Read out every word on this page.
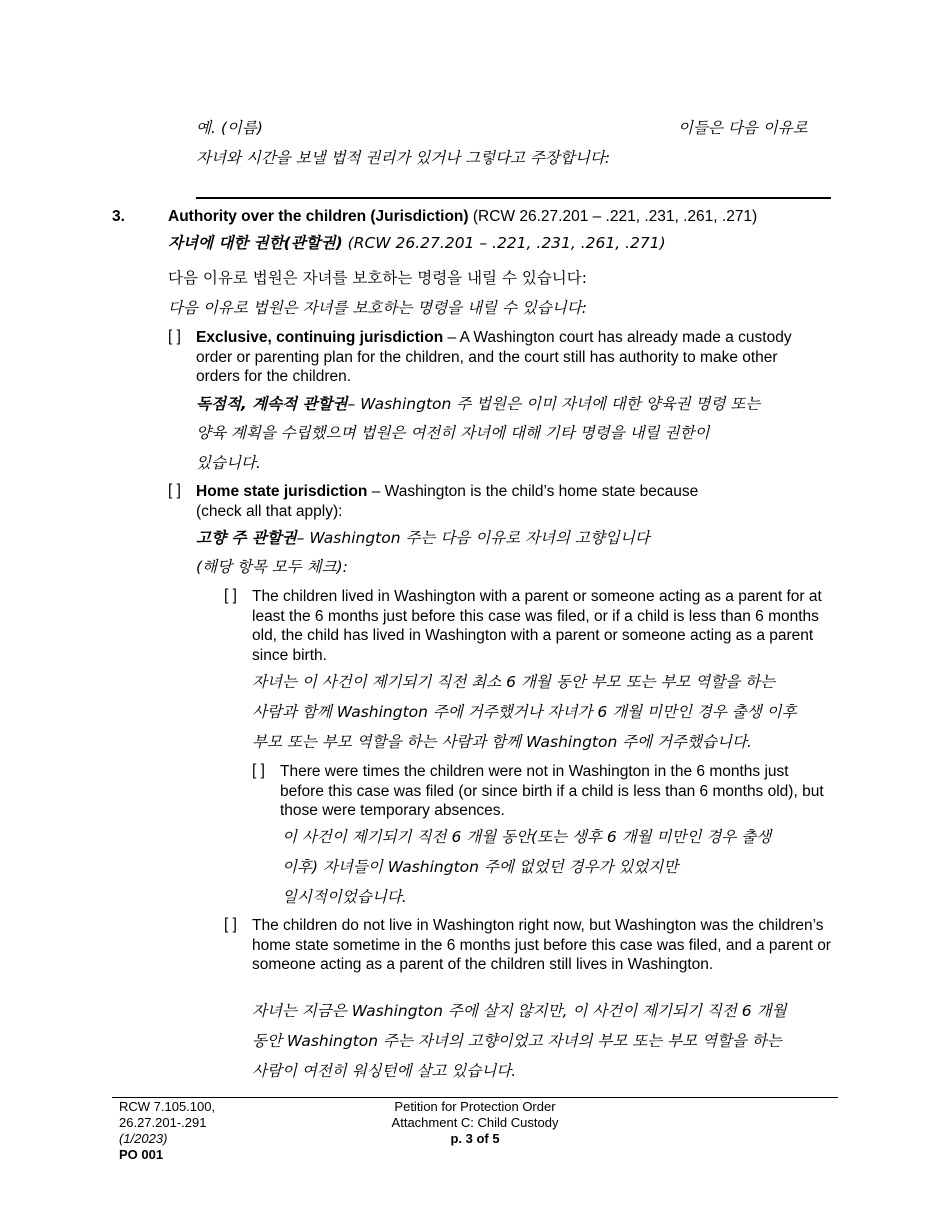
예. (이름)	이들은 다음 이유로
자녀와 시간을 보낼 법적 권리가 있거나 그렇다고 주장합니다:
3.	Authority over the children (Jurisdiction) (RCW 26.27.201 – .221, .231, .261, .271)
자녀에 대한 권한(관할권) (RCW 26.27.201 – .221, .231, .261, .271)
다음 이유로 법원은 자녀를 보호하는 명령을 내릴 수 있습니다:
다음 이유로 법원은 자녀를 보호하는 명령을 내릴 수 있습니다:
[ ] Exclusive, continuing jurisdiction – A Washington court has already made a custody order or parenting plan for the children, and the court still has authority to make other orders for the children.
독점적, 계속적 관할권– Washington 주 법원은 이미 자녀에 대한 양육권 명령 또는
양육 계획을 수립했으며 법원은 여전히 자녀에 대해 기타 명령을 내릴 권한이
있습니다.
[ ] Home state jurisdiction – Washington is the child’s home state because
(check all that apply):
고향 주 관할권– Washington 주는 다음 이유로 자녀의 고향입니다
(해당 항목 모두 체크):
[ ] The children lived in Washington with a parent or someone acting as a parent for at least the 6 months just before this case was filed, or if a child is less than 6 months old, the child has lived in Washington with a parent or someone acting as a parent since birth.
자녀는 이 사건이 제기되기 직전 최소 6 개월 동안 부모 또는 부모 역할을 하는
사람과 함께 Washington 주에 거주했거나 자녀가 6 개월 미만인 경우 출생 이후
부모 또는 부모 역할을 하는 사람과 함께 Washington 주에 거주했습니다.
[ ] There were times the children were not in Washington in the 6 months just before this case was filed (or since birth if a child is less than 6 months old), but those were temporary absences.
이 사건이 제기되기 직전 6 개월 동안(또는 생후 6 개월 미만인 경우 출생
이후) 자녀들이 Washington 주에 없었던 경우가 있었지만
일시적이었습니다.
[ ] The children do not live in Washington right now, but Washington was the children’s home state sometime in the 6 months just before this case was filed, and a parent or someone acting as a parent of the children still lives in Washington.
자녀는 지금은 Washington 주에 살지 않지만, 이 사건이 제기되기 직전 6 개월
동안 Washington 주는 자녀의 고향이었고 자녀의 부모 또는 부모 역할을 하는
사람이 여전히 워싱턴에 살고 있습니다.
RCW 7.105.100,
26.27.201-.291
(1/2023)
PO 001
Petition for Protection Order
Attachment C: Child Custody
p. 3 of 5
